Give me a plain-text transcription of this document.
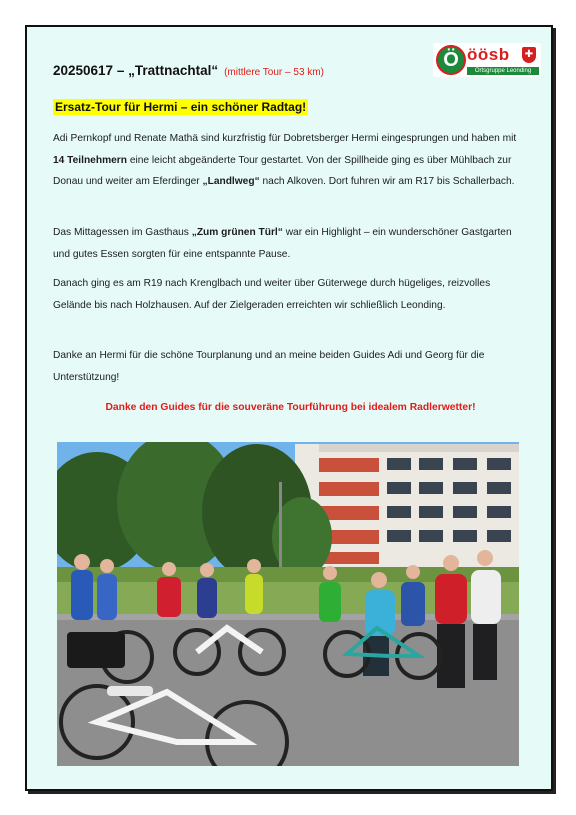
20250617 – „Trattnachtal“ (mittlere Tour – 53 km)
Ö öösb ✚
Ortsgruppe Leonding
Ersatz-Tour für Hermi – ein schöner Radtag!
Adi Pernkopf und Renate Mathä sind kurzfristig für Dobretsberger Hermi eingesprungen und haben mit 14 Teilnehmern eine leicht abgeänderte Tour gestartet. Von der Spillheide ging es über Mühlbach zur Donau und weiter am Eferdinger „Landlweg“ nach Alkoven. Dort fuhren wir am R17 bis Schallerbach.
Das Mittagessen im Gasthaus „Zum grünen Türl“ war ein Highlight – ein wunderschöner Gastgarten und gutes Essen sorgten für eine entspannte Pause.
Danach ging es am R19 nach Krenglbach und weiter über Güterwege durch hügeliges, reizvolles Gelände bis nach Holzhausen. Auf der Zielgeraden erreichten wir schließlich Leonding.
Danke an Hermi für die schöne Tourplanung und an meine beiden Guides Adi und Georg für die Unterstützung!
Danke den Guides für die souveräne Tourführung bei idealem Radlerwetter!
